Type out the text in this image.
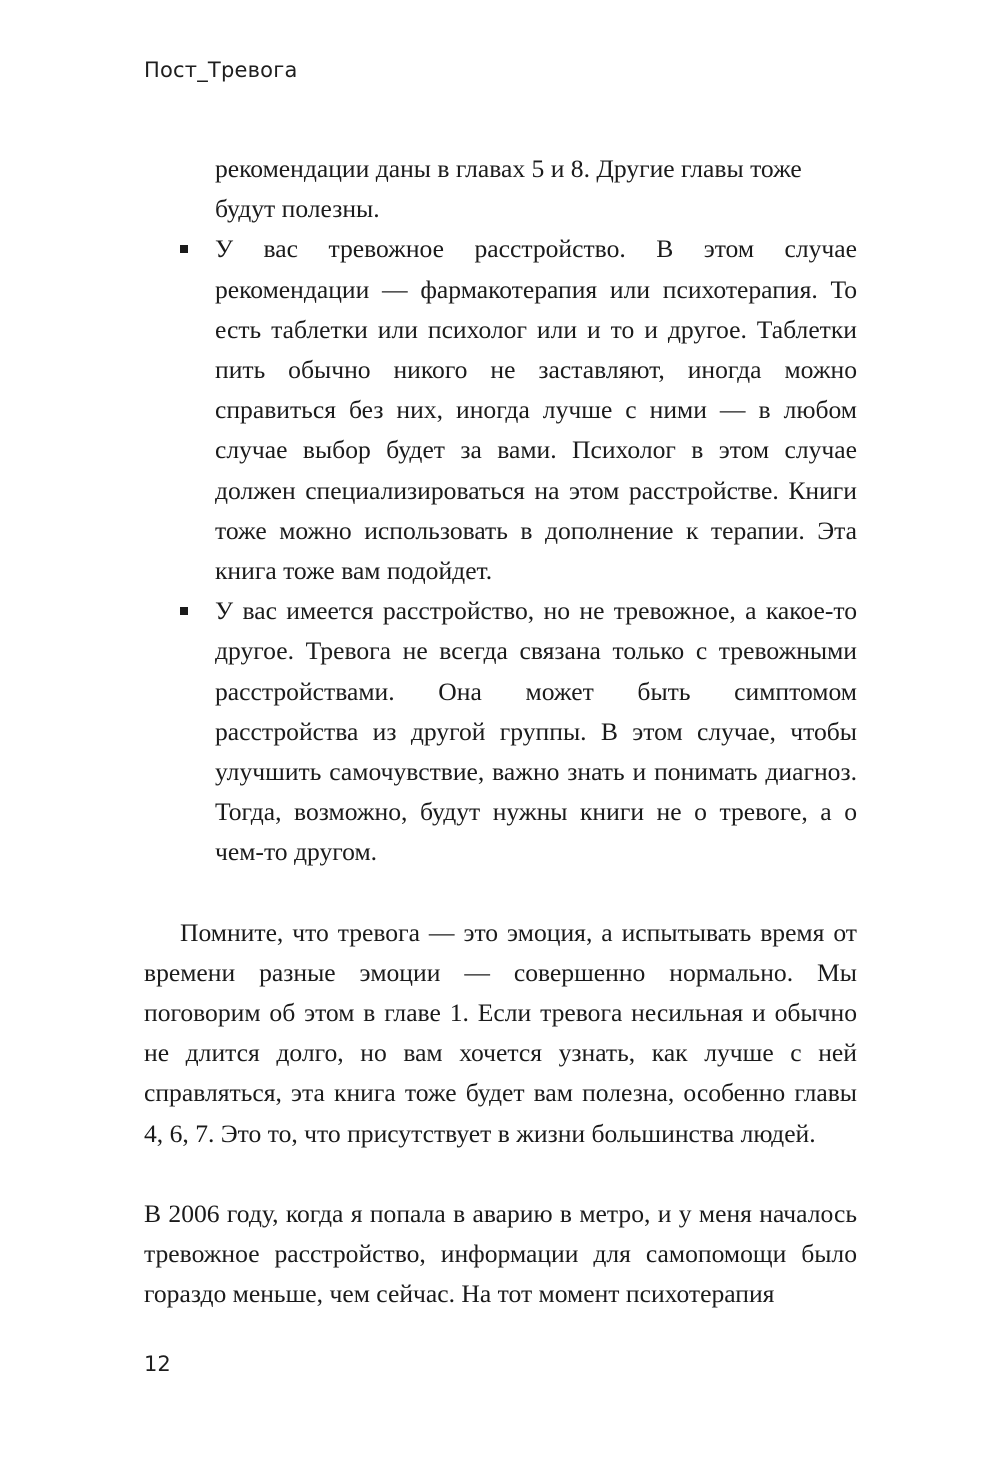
Пост_Тревога
рекомендации даны в главах 5 и 8. Другие главы тоже будут полезны.
У вас тревожное расстройство. В этом случае рекомендации — фармакотерапия или психотерапия. То есть таблетки или психолог или и то и другое. Таблетки пить обычно никого не заставляют, иногда можно справиться без них, иногда лучше с ними — в любом случае выбор будет за вами. Психолог в этом случае должен специализироваться на этом расстройстве. Книги тоже можно использовать в дополнение к терапии. Эта книга тоже вам подойдет.
У вас имеется расстройство, но не тревожное, а какое-то другое. Тревога не всегда связана только с тревожными расстройствами. Она может быть симптомом расстройства из другой группы. В этом случае, чтобы улучшить самочувствие, важно знать и понимать диагноз. Тогда, возможно, будут нужны книги не о тревоге, а о чем-то другом.

Помните, что тревога — это эмоция, а испытывать время от времени разные эмоции — совершенно нормально. Мы поговорим об этом в главе 1. Если тревога несильная и обычно не длится долго, но вам хочется узнать, как лучше с ней справляться, эта книга тоже будет вам полезна, особенно главы 4, 6, 7. Это то, что присутствует в жизни большинства людей.

В 2006 году, когда я попала в аварию в метро, и у меня началось тревожное расстройство, информации для самопомощи было гораздо меньше, чем сейчас. На тот момент психотерапия

12
